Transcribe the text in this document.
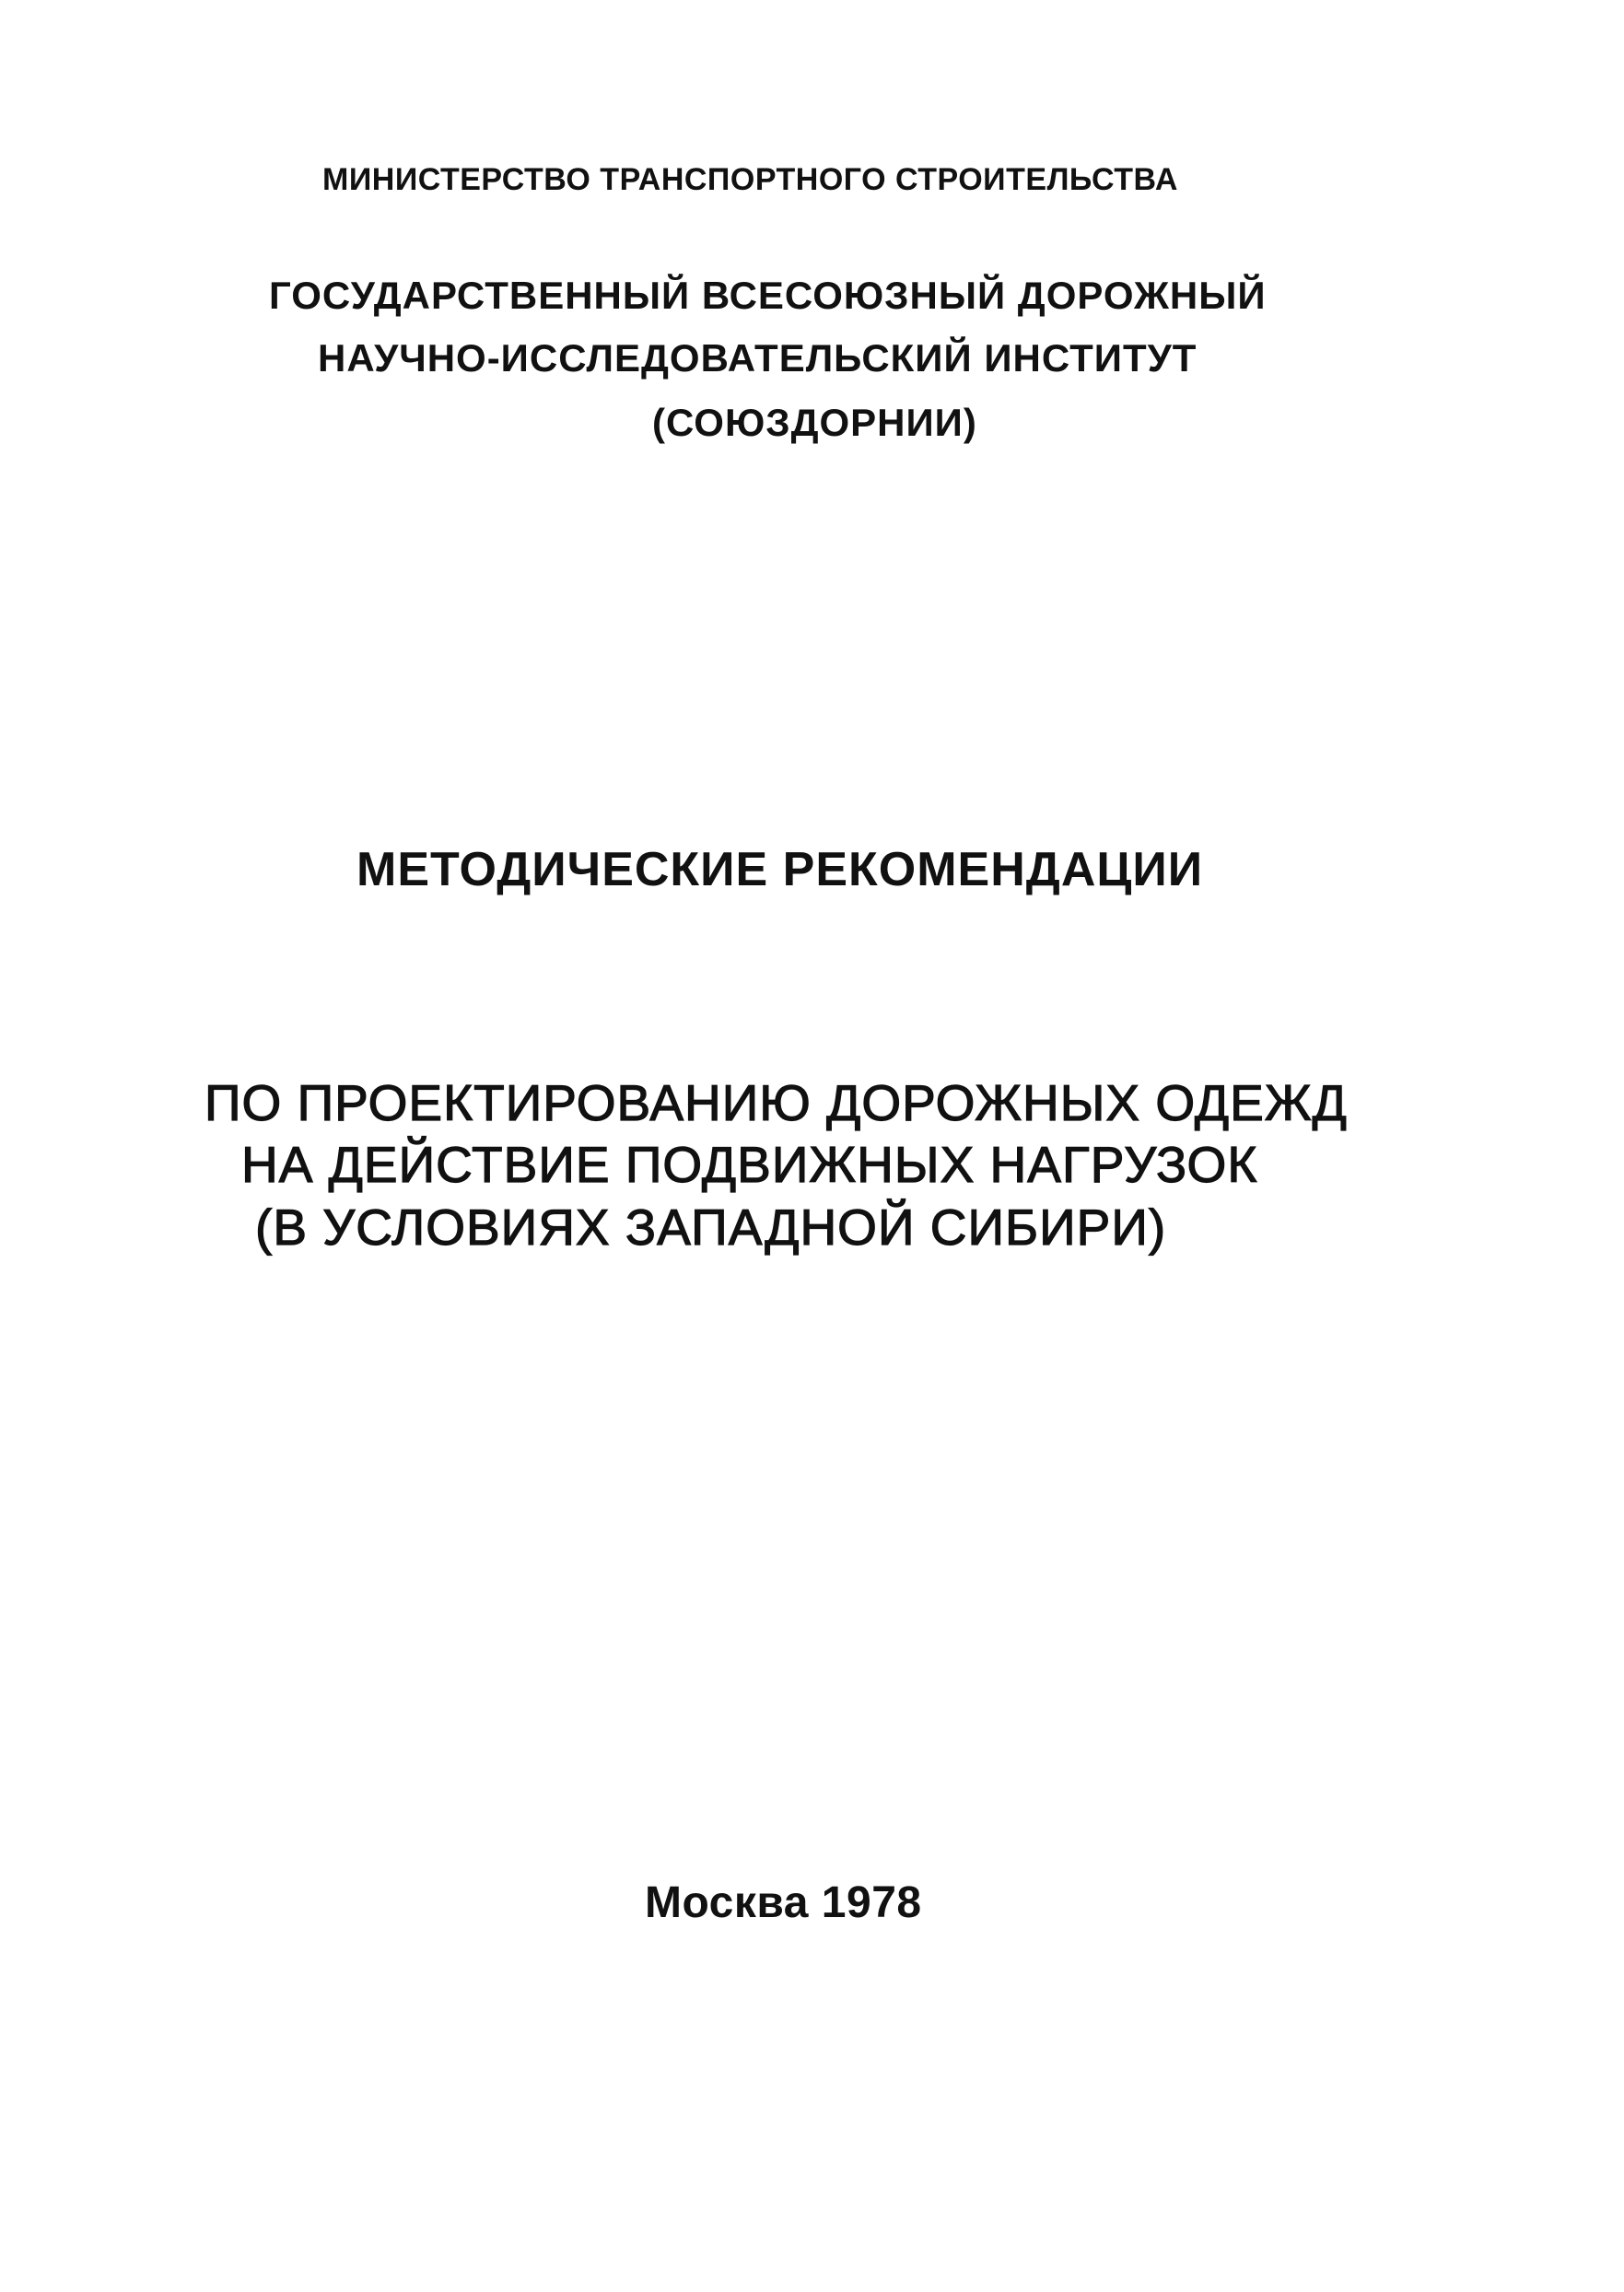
МИНИСТЕРСТВО ТРАНСПОРТНОГО СТРОИТЕЛЬСТВА
ГОСУДАРСТВЕННЫЙ ВСЕСОЮЗНЫЙ ДОРОЖНЫЙ
НАУЧНО-ИССЛЕДОВАТЕЛЬСКИЙ ИНСТИТУТ
(СОЮЗДОРНИИ)
МЕТОДИЧЕСКИЕ РЕКОМЕНДАЦИИ
ПО ПРОЕКТИРОВАНИЮ ДОРОЖНЫХ ОДЕЖД
НА ДЕЙСТВИЕ ПОДВИЖНЫХ НАГРУЗОК
(В УСЛОВИЯХ ЗАПАДНОЙ СИБИРИ)
Москва 1978
